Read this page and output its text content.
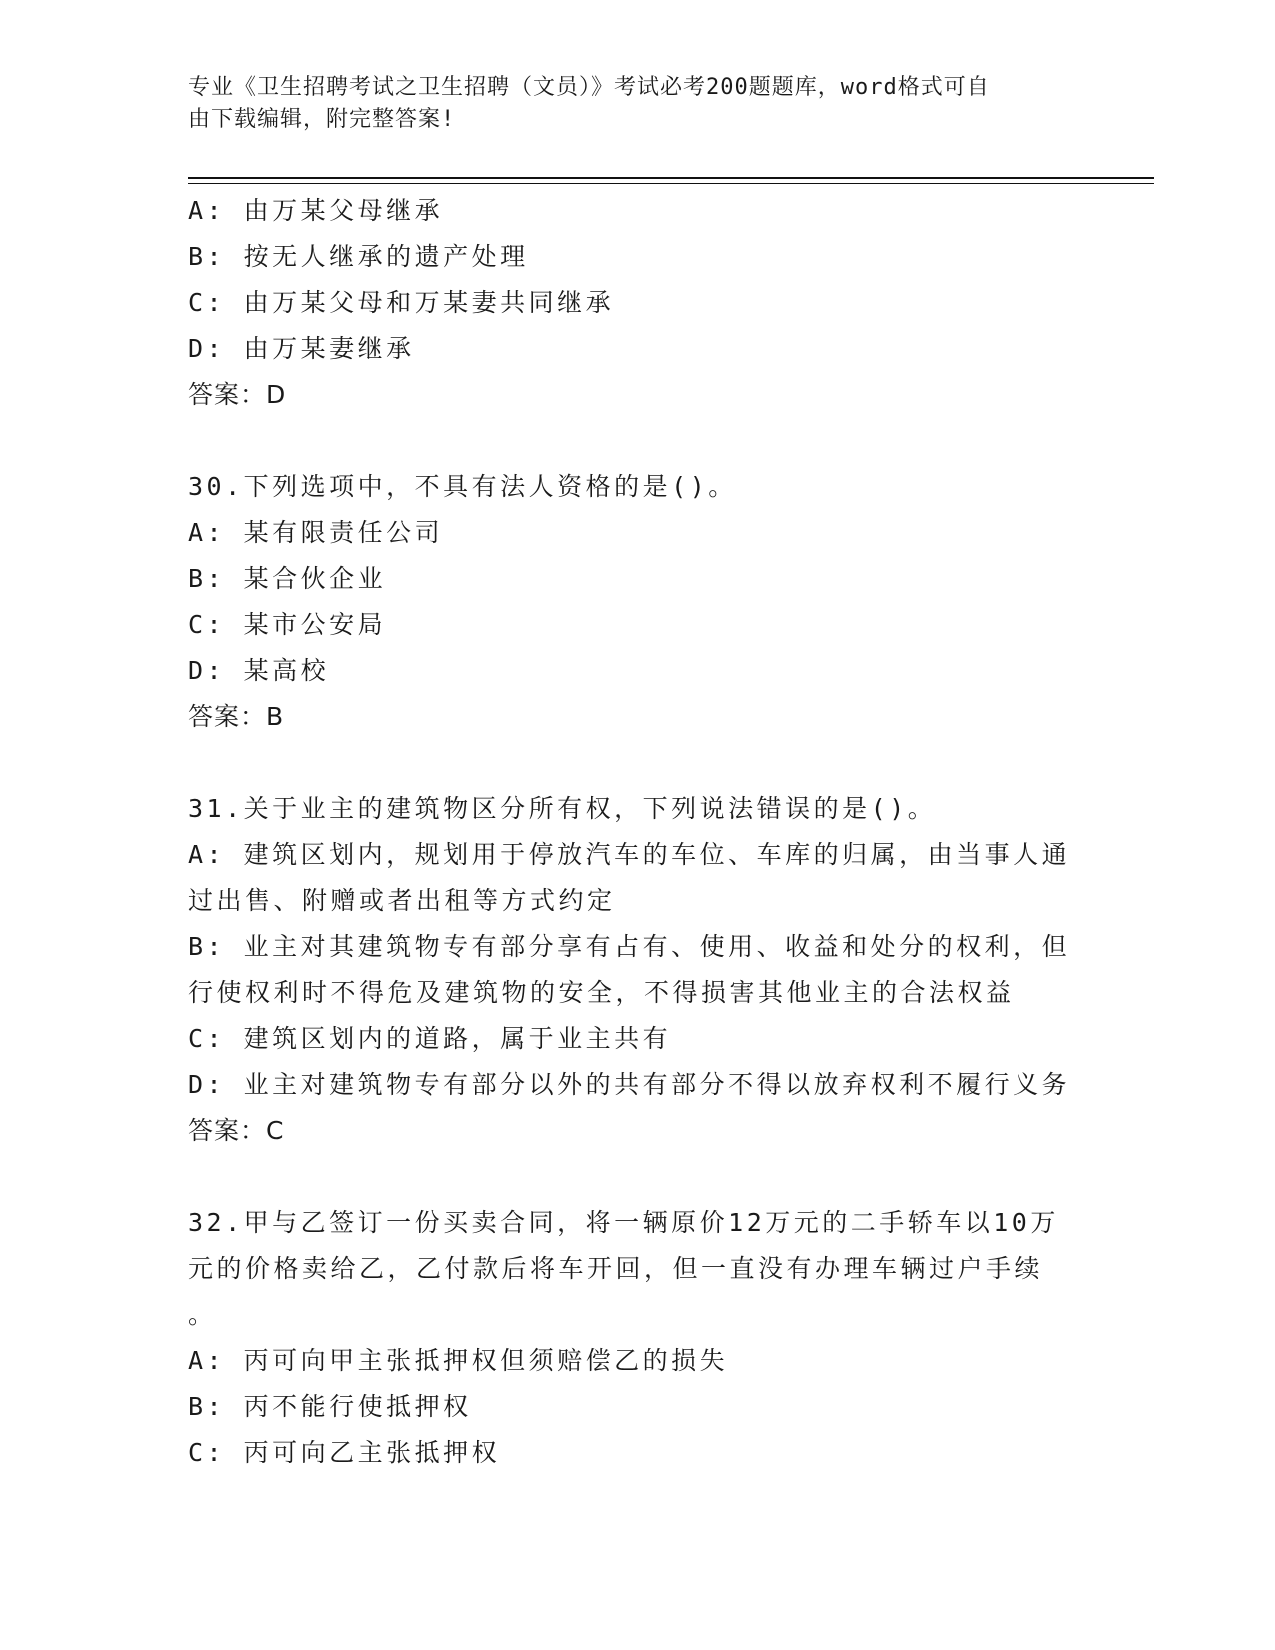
专业《卫生招聘考试之卫生招聘（文员）》考试必考200题题库，word格式可自
由下载编辑，附完整答案!
A: 由万某父母继承
B: 按无人继承的遗产处理
C: 由万某父母和万某妻共同继承
D: 由万某妻继承
答案：D
30.下列选项中，不具有法人资格的是()。
A: 某有限责任公司
B: 某合伙企业
C: 某市公安局
D: 某高校
答案：B
31.关于业主的建筑物区分所有权，下列说法错误的是()。
A: 建筑区划内，规划用于停放汽车的车位、车库的归属，由当事人通
过出售、附赠或者出租等方式约定
B: 业主对其建筑物专有部分享有占有、使用、收益和处分的权利，但
行使权利时不得危及建筑物的安全，不得损害其他业主的合法权益
C: 建筑区划内的道路，属于业主共有
D: 业主对建筑物专有部分以外的共有部分不得以放弃权利不履行义务
答案：C
32.甲与乙签订一份买卖合同，将一辆原价12万元的二手轿车以10万
元的价格卖给乙，乙付款后将车开回，但一直没有办理车辆过户手续
。
A: 丙可向甲主张抵押权但须赔偿乙的损失
B: 丙不能行使抵押权
C: 丙可向乙主张抵押权
